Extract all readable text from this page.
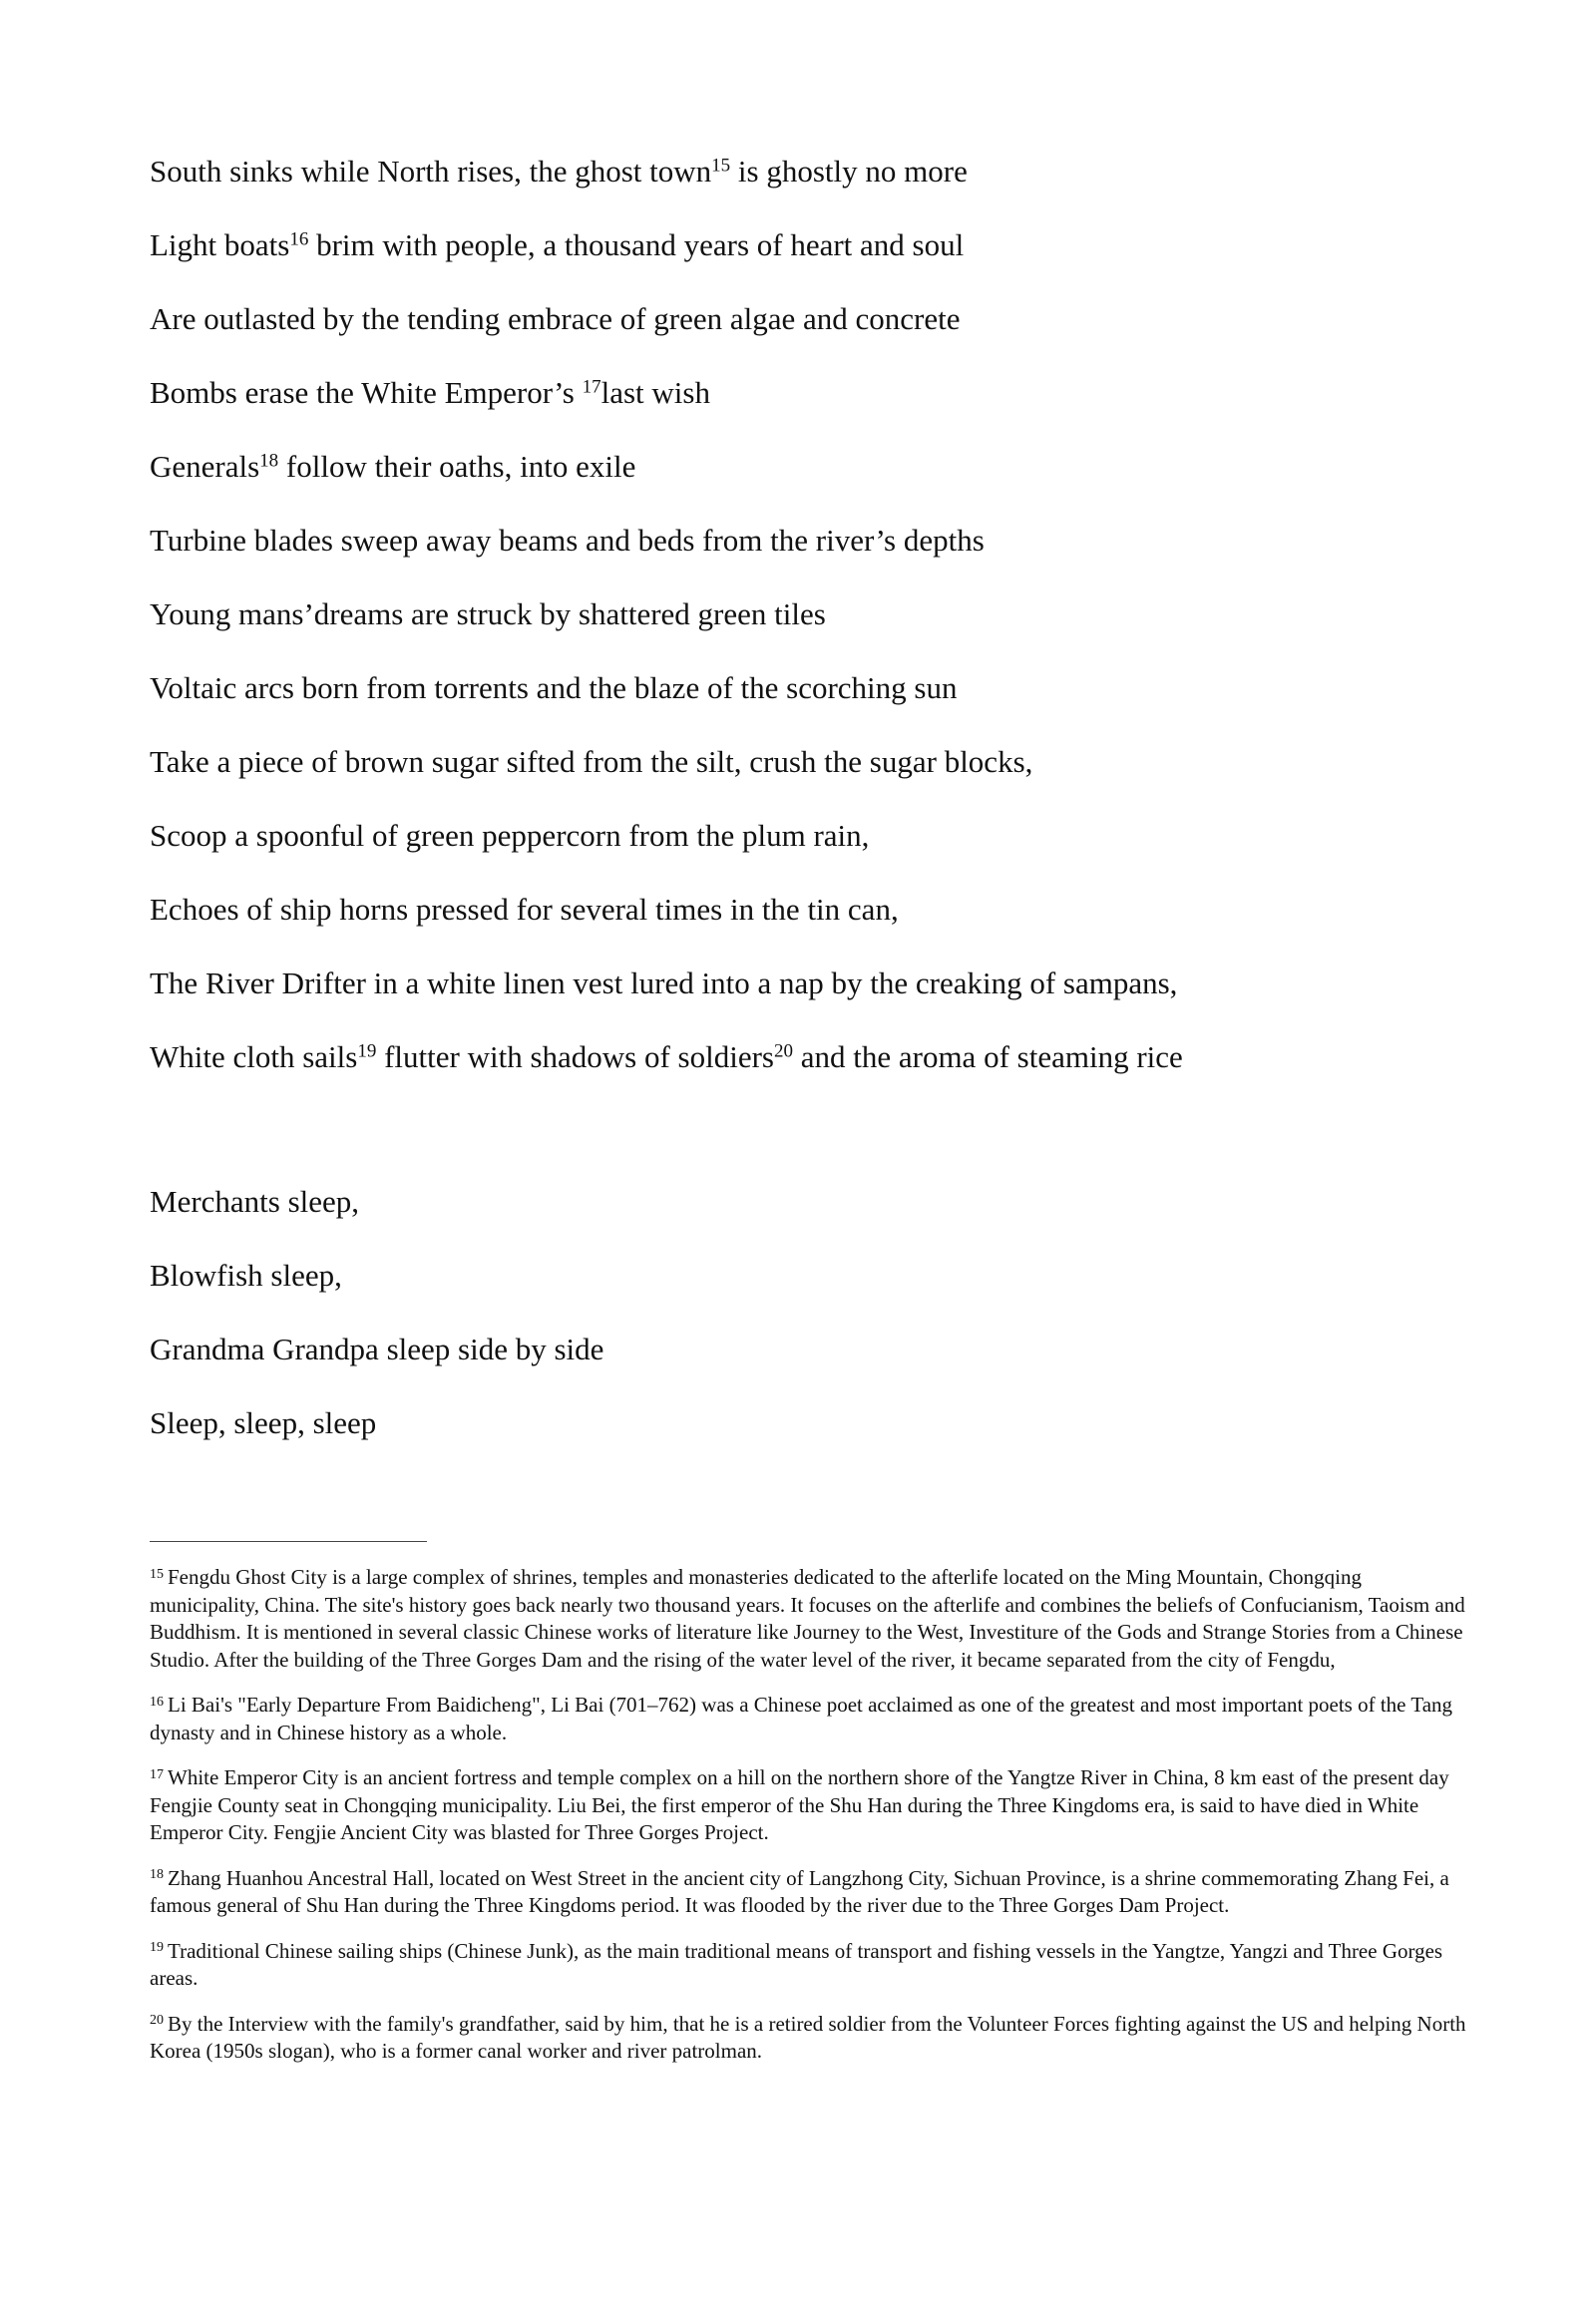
South sinks while North rises, the ghost town$^{15}$ is ghostly no more

Light boats$^{16}$ brim with people, a thousand years of heart and soul

Are outlasted by the tending embrace of green algae and concrete

Bombs erase the White Emperor’s $^{17}$last wish

Generals$^{18}$ follow their oaths, into exile

Turbine blades sweep away beams and beds from the river’s depths

Young mans’dreams are struck by shattered green tiles

Voltaic arcs born from torrents and the blaze of the scorching sun

Take a piece of brown sugar sifted from the silt, crush the sugar blocks,

Scoop a spoonful of green peppercorn from the plum rain,

Echoes of ship horns pressed for several times in the tin can,

The River Drifter in a white linen vest lured into a nap by the creaking of sampans,

White cloth sails$^{19}$ flutter with shadows of soldiers$^{20}$ and the aroma of steaming rice

Merchants sleep,

Blowfish sleep,

Grandma Grandpa sleep side by side

Sleep, sleep, sleep

$^{15}$ Fengdu Ghost City is a large complex of shrines, temples and monasteries dedicated to the afterlife located on the Ming Mountain, Chongqing municipality, China. The site's history goes back nearly two thousand years. It focuses on the afterlife and combines the beliefs of Confucianism, Taoism and Buddhism. It is mentioned in several classic Chinese works of literature like Journey to the West, Investiture of the Gods and Strange Stories from a Chinese Studio. After the building of the Three Gorges Dam and the rising of the water level of the river, it became separated from the city of Fengdu,

$^{16}$ Li Bai's "Early Departure From Baidicheng", Li Bai (701–762) was a Chinese poet acclaimed as one of the greatest and most important poets of the Tang dynasty and in Chinese history as a whole.

$^{17}$ White Emperor City is an ancient fortress and temple complex on a hill on the northern shore of the Yangtze River in China, 8 km east of the present day Fengjie County seat in Chongqing municipality. Liu Bei, the first emperor of the Shu Han during the Three Kingdoms era, is said to have died in White Emperor City. Fengjie Ancient City was blasted for Three Gorges Project.

$^{18}$ Zhang Huanhou Ancestral Hall, located on West Street in the ancient city of Langzhong City, Sichuan Province, is a shrine commemorating Zhang Fei, a famous general of Shu Han during the Three Kingdoms period. It was flooded by the river due to the Three Gorges Dam Project.

$^{19}$ Traditional Chinese sailing ships (Chinese Junk), as the main traditional means of transport and fishing vessels in the Yangtze, Yangzi and Three Gorges areas.

$^{20}$ By the Interview with the family's grandfather, said by him, that he is a retired soldier from the Volunteer Forces fighting against the US and helping North Korea (1950s slogan), who is a former canal worker and river patrolman.
